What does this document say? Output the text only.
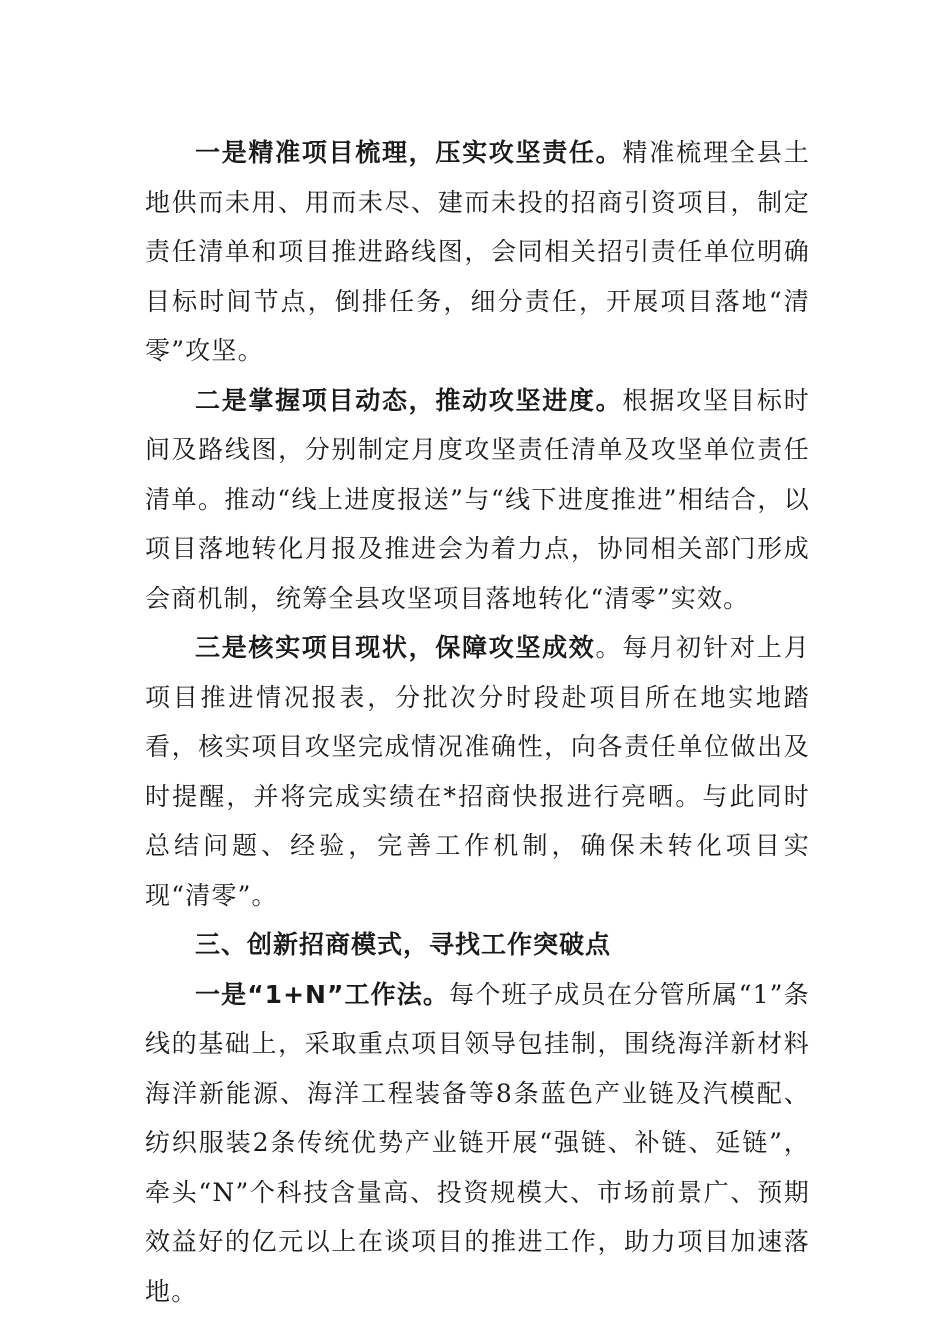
一是精准项目梳理，压实攻坚责任。精准梳理全县土地供而未用、用而未尽、建而未投的招商引资项目，制定责任清单和项目推进路线图，会同相关招引责任单位明确目标时间节点，倒排任务，细分责任，开展项目落地“清零”攻坚。

二是掌握项目动态，推动攻坚进度。根据攻坚目标时间及路线图，分别制定月度攻坚责任清单及攻坚单位责任清单。推动“线上进度报送”与“线下进度推进”相结合，以项目落地转化月报及推进会为着力点，协同相关部门形成会商机制，统筹全县攻坚项目落地转化“清零”实效。

三是核实项目现状，保障攻坚成效。每月初针对上月项目推进情况报表，分批次分时段赴项目所在地实地踏看，核实项目攻坚完成情况准确性，向各责任单位做出及时提醒，并将完成实绩在*招商快报进行亮晒。与此同时总结问题、经验，完善工作机制，确保未转化项目实现“清零”。

三、创新招商模式，寻找工作突破点

一是“1+N”工作法。每个班子成员在分管所属“1”条线的基础上，采取重点项目领导包挂制，围绕海洋新材料海洋新能源、海洋工程装备等8条蓝色产业链及汽模配、纺织服装2条传统优势产业链开展“强链、补链、延链”，牵头“N”个科技含量高、投资规模大、市场前景广、预期效益好的亿元以上在谈项目的推进工作，助力项目加速落地。
